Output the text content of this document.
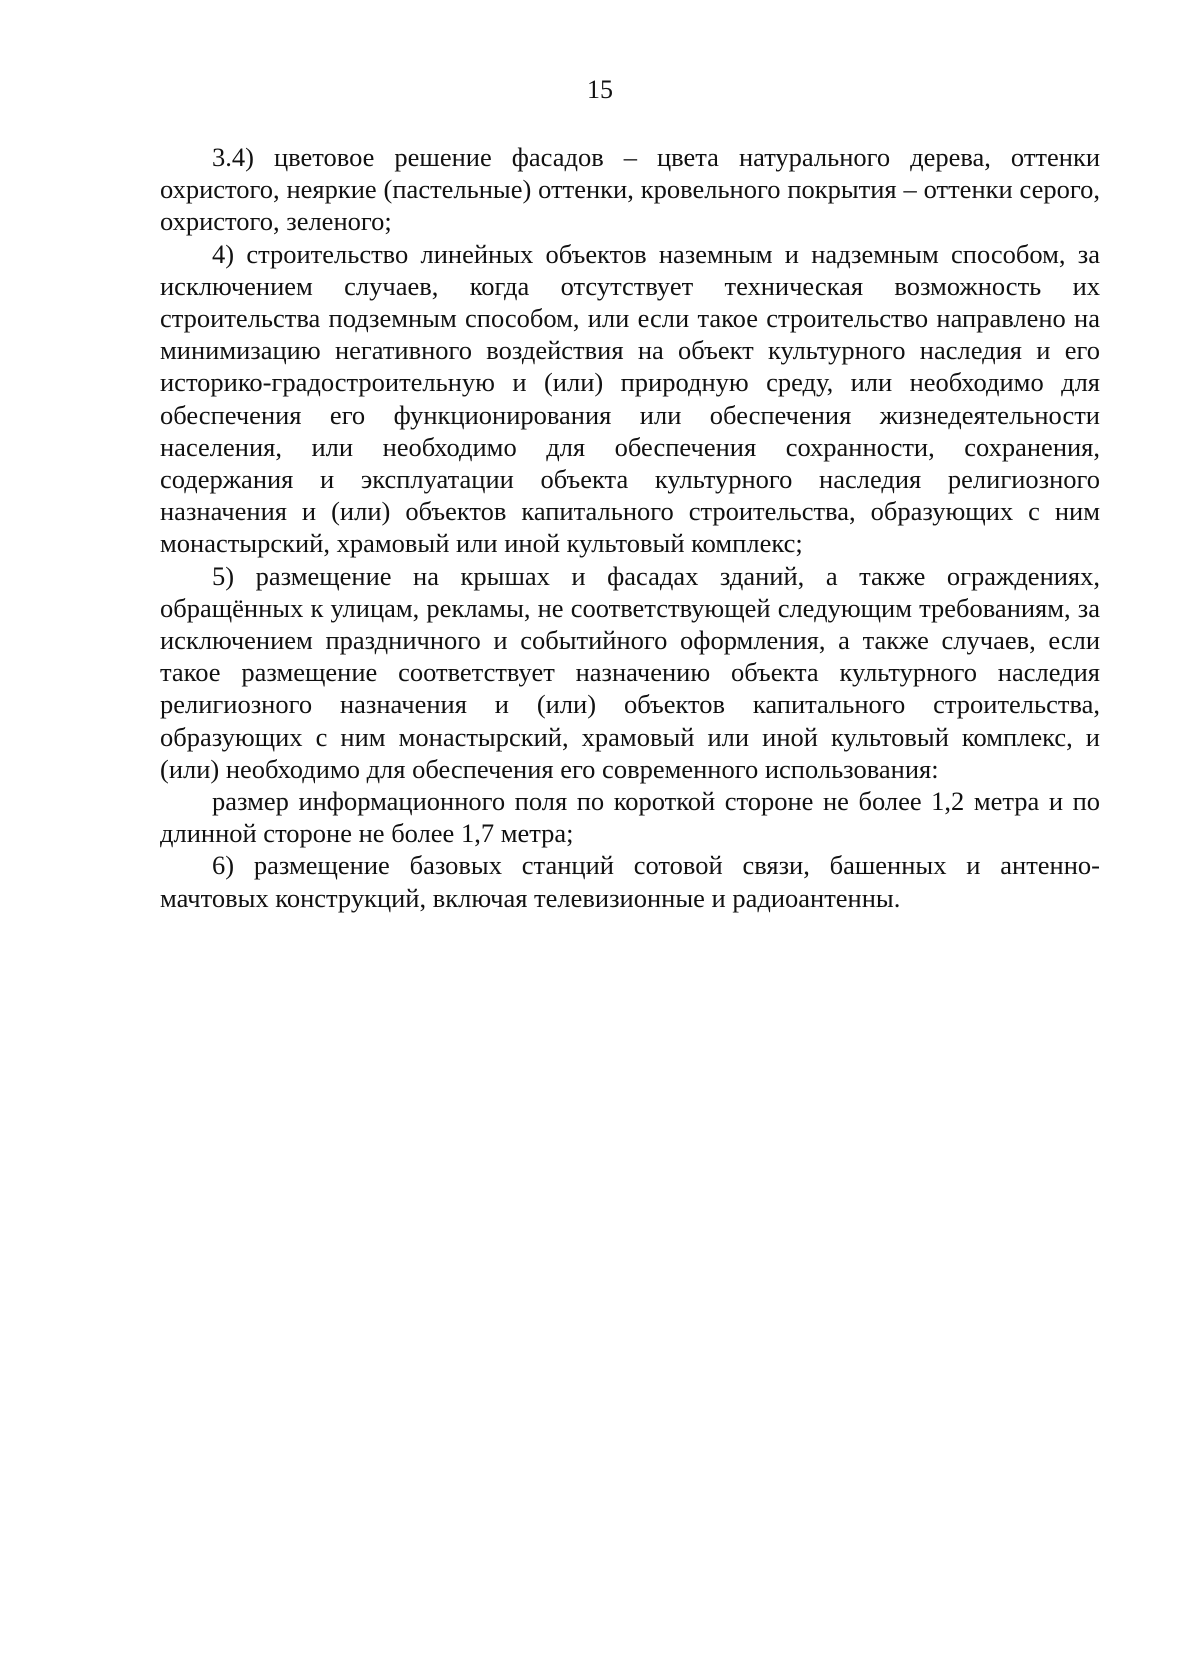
15

3.4) цветовое решение фасадов – цвета натурального дерева, оттенки охристого, неяркие (пастельные) оттенки, кровельного покрытия – оттенки серого, охристого, зеленого;

4) строительство линейных объектов наземным и надземным способом, за исключением случаев, когда отсутствует техническая возможность их строительства подземным способом, или если такое строительство направлено на минимизацию негативного воздействия на объект культурного наследия и его историко-градостроительную и (или) природную среду, или необходимо для обеспечения его функционирования или обеспечения жизнедеятельности населения, или необходимо для обеспечения сохранности, сохранения, содержания и эксплуатации объекта культурного наследия религиозного назначения и (или) объектов капитального строительства, образующих с ним монастырский, храмовый или иной культовый комплекс;

5) размещение на крышах и фасадах зданий, а также ограждениях, обращённых к улицам, рекламы, не соответствующей следующим требованиям, за исключением праздничного и событийного оформления, а также случаев, если такое размещение соответствует назначению объекта культурного наследия религиозного назначения и (или) объектов капитального строительства, образующих с ним монастырский, храмовый или иной культовый комплекс, и (или) необходимо для обеспечения его современного использования:

размер информационного поля по короткой стороне не более 1,2 метра и по длинной стороне не более 1,7 метра;

6) размещение базовых станций сотовой связи, башенных и антенно-мачтовых конструкций, включая телевизионные и радиоантенны.
